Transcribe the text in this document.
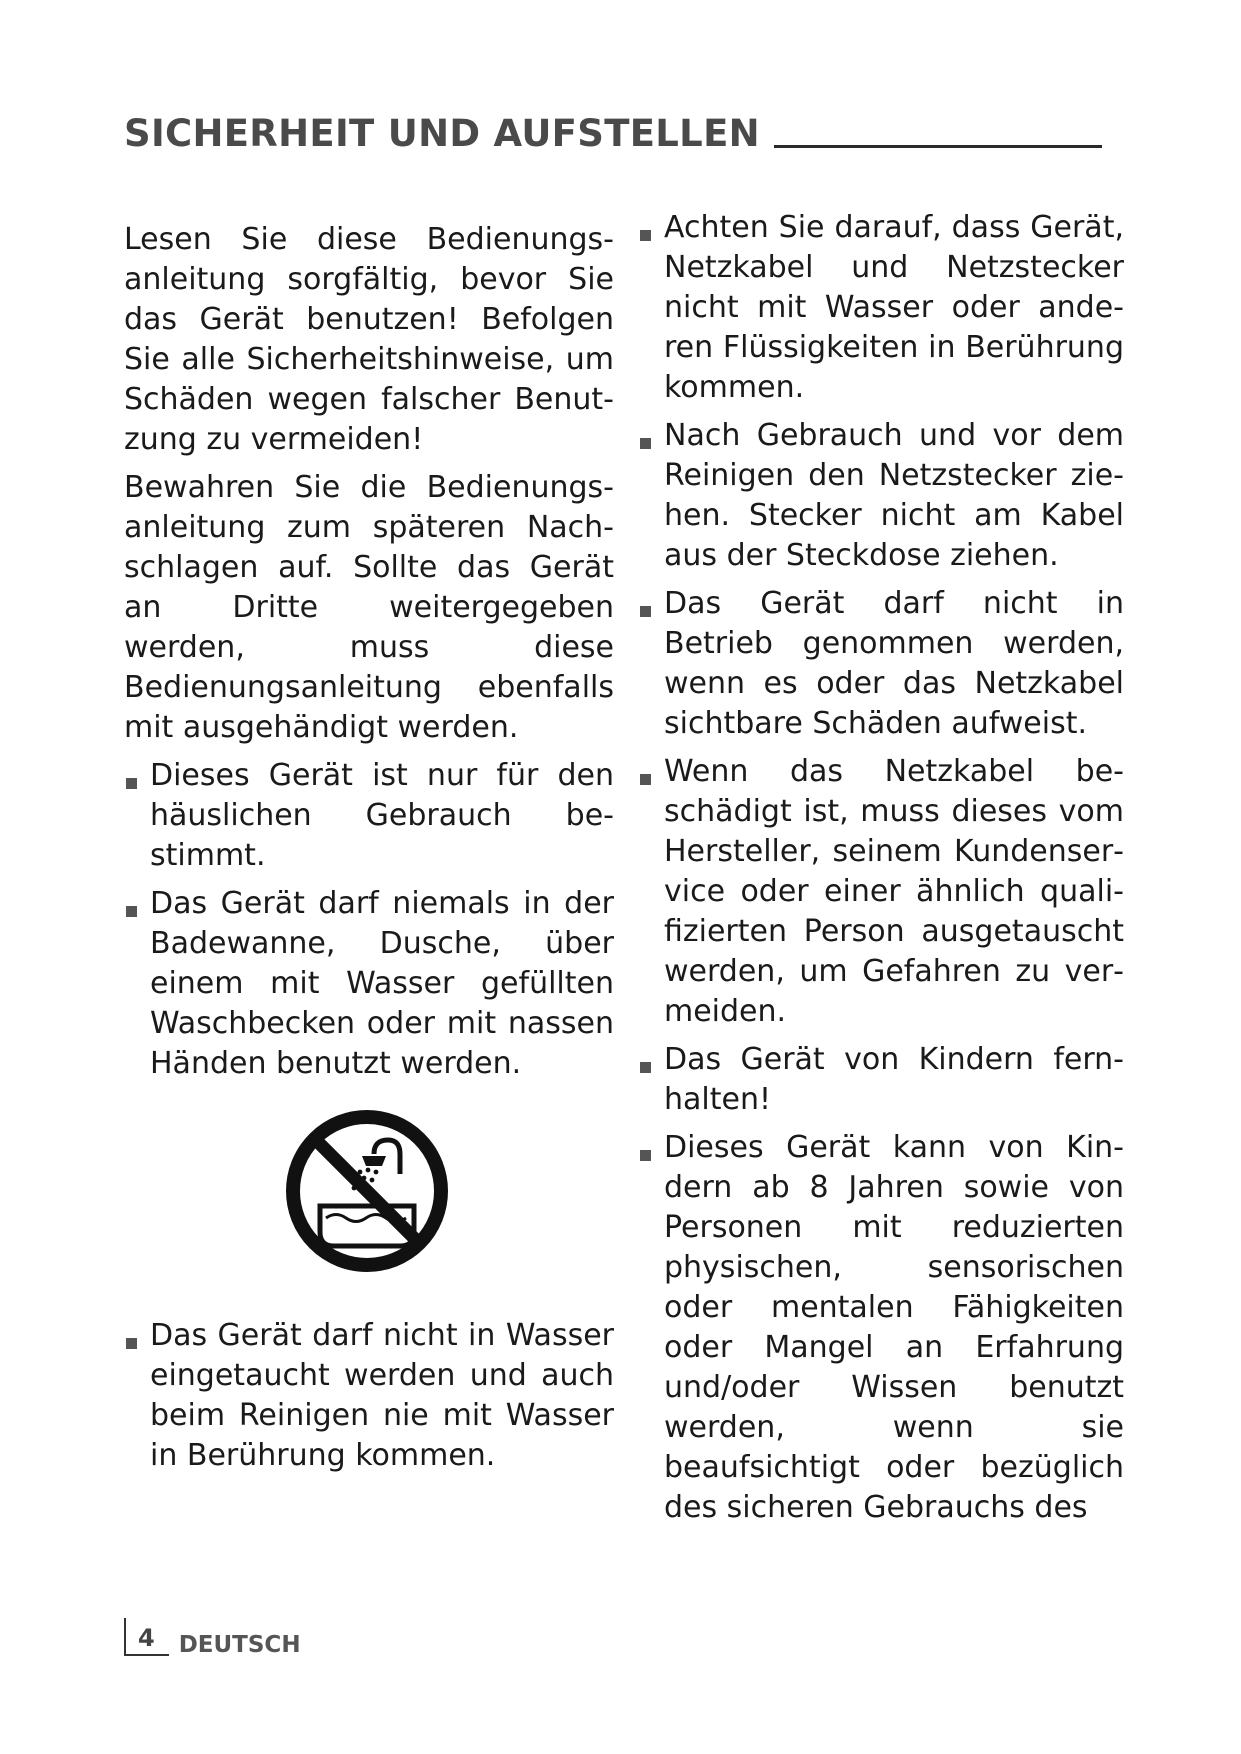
SICHERHEIT UND AUFSTELLEN

Lesen Sie diese Bedienungsanleitung sorgfältig, bevor Sie das Gerät benutzen! Befolgen Sie alle Sicherheitshinweise, um Schäden wegen falscher Benutzung zu vermeiden!

Bewahren Sie die Bedienungsanleitung zum späteren Nachschlagen auf. Sollte das Gerät an Dritte weitergegeben werden, muss diese Bedienungsanleitung ebenfalls mit ausgehändigt werden.

Dieses Gerät ist nur für den häuslichen Gebrauch bestimmt.
Das Gerät darf niemals in der Badewanne, Dusche, über einem mit Wasser gefüllten Waschbecken oder mit nassen Händen benutzt werden.
Das Gerät darf nicht in Wasser eingetaucht werden und auch beim Reinigen nie mit Wasser in Berührung kommen.
Achten Sie darauf, dass Gerät, Netzkabel und Netzstecker nicht mit Wasser oder anderen Flüssigkeiten in Berührung kommen.
Nach Gebrauch und vor dem Reinigen den Netzstecker ziehen. Stecker nicht am Kabel aus der Steckdose ziehen.
Das Gerät darf nicht in Betrieb genommen werden, wenn es oder das Netzkabel sichtbare Schäden aufweist.
Wenn das Netzkabel beschädigt ist, muss dieses vom Hersteller, seinem Kundenservice oder einer ähnlich qualifizierten Person ausgetauscht werden, um Gefahren zu vermeiden.
Das Gerät von Kindern fernhalten!
Dieses Gerät kann von Kindern ab 8 Jahren sowie von Personen mit reduzierten physischen, sensorischen oder mentalen Fähigkeiten oder Mangel an Erfahrung und/oder Wissen benutzt werden, wenn sie beaufsichtigt oder bezüglich des sicheren Gebrauchs des
4 DEUTSCH
